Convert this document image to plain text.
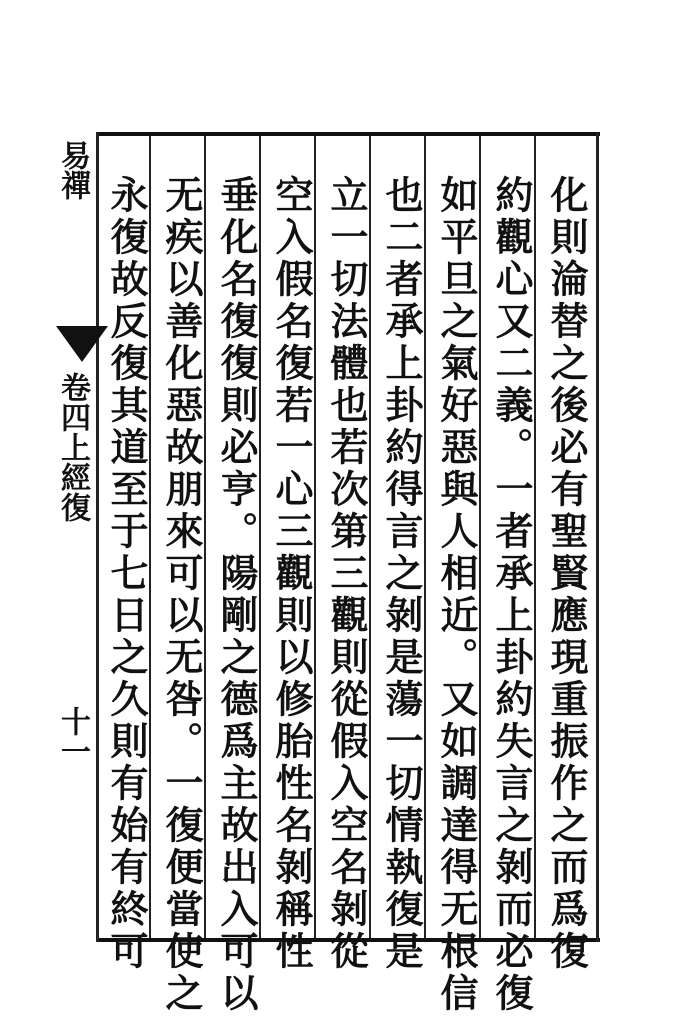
易禪
卷四上經復
十一	化則淪替之後必有聖賢應現重振作之而爲復
約觀心又二義。一者承上卦約失言之剝而必復
如平旦之氣好惡與人相近。又如調達得无根信
也二者承上卦約得言之剝是蕩一切情執復是
立一切法體也若次第三觀則從假入空名剝從
空入假名復若一心三觀則以修胎性名剝稱性
垂化名復復則必亨。陽剛之德爲主故出入可以
无疾以善化惡故朋來可以无咎。一復便當使之
永復故反復其道至于七日之久則有始有終可
